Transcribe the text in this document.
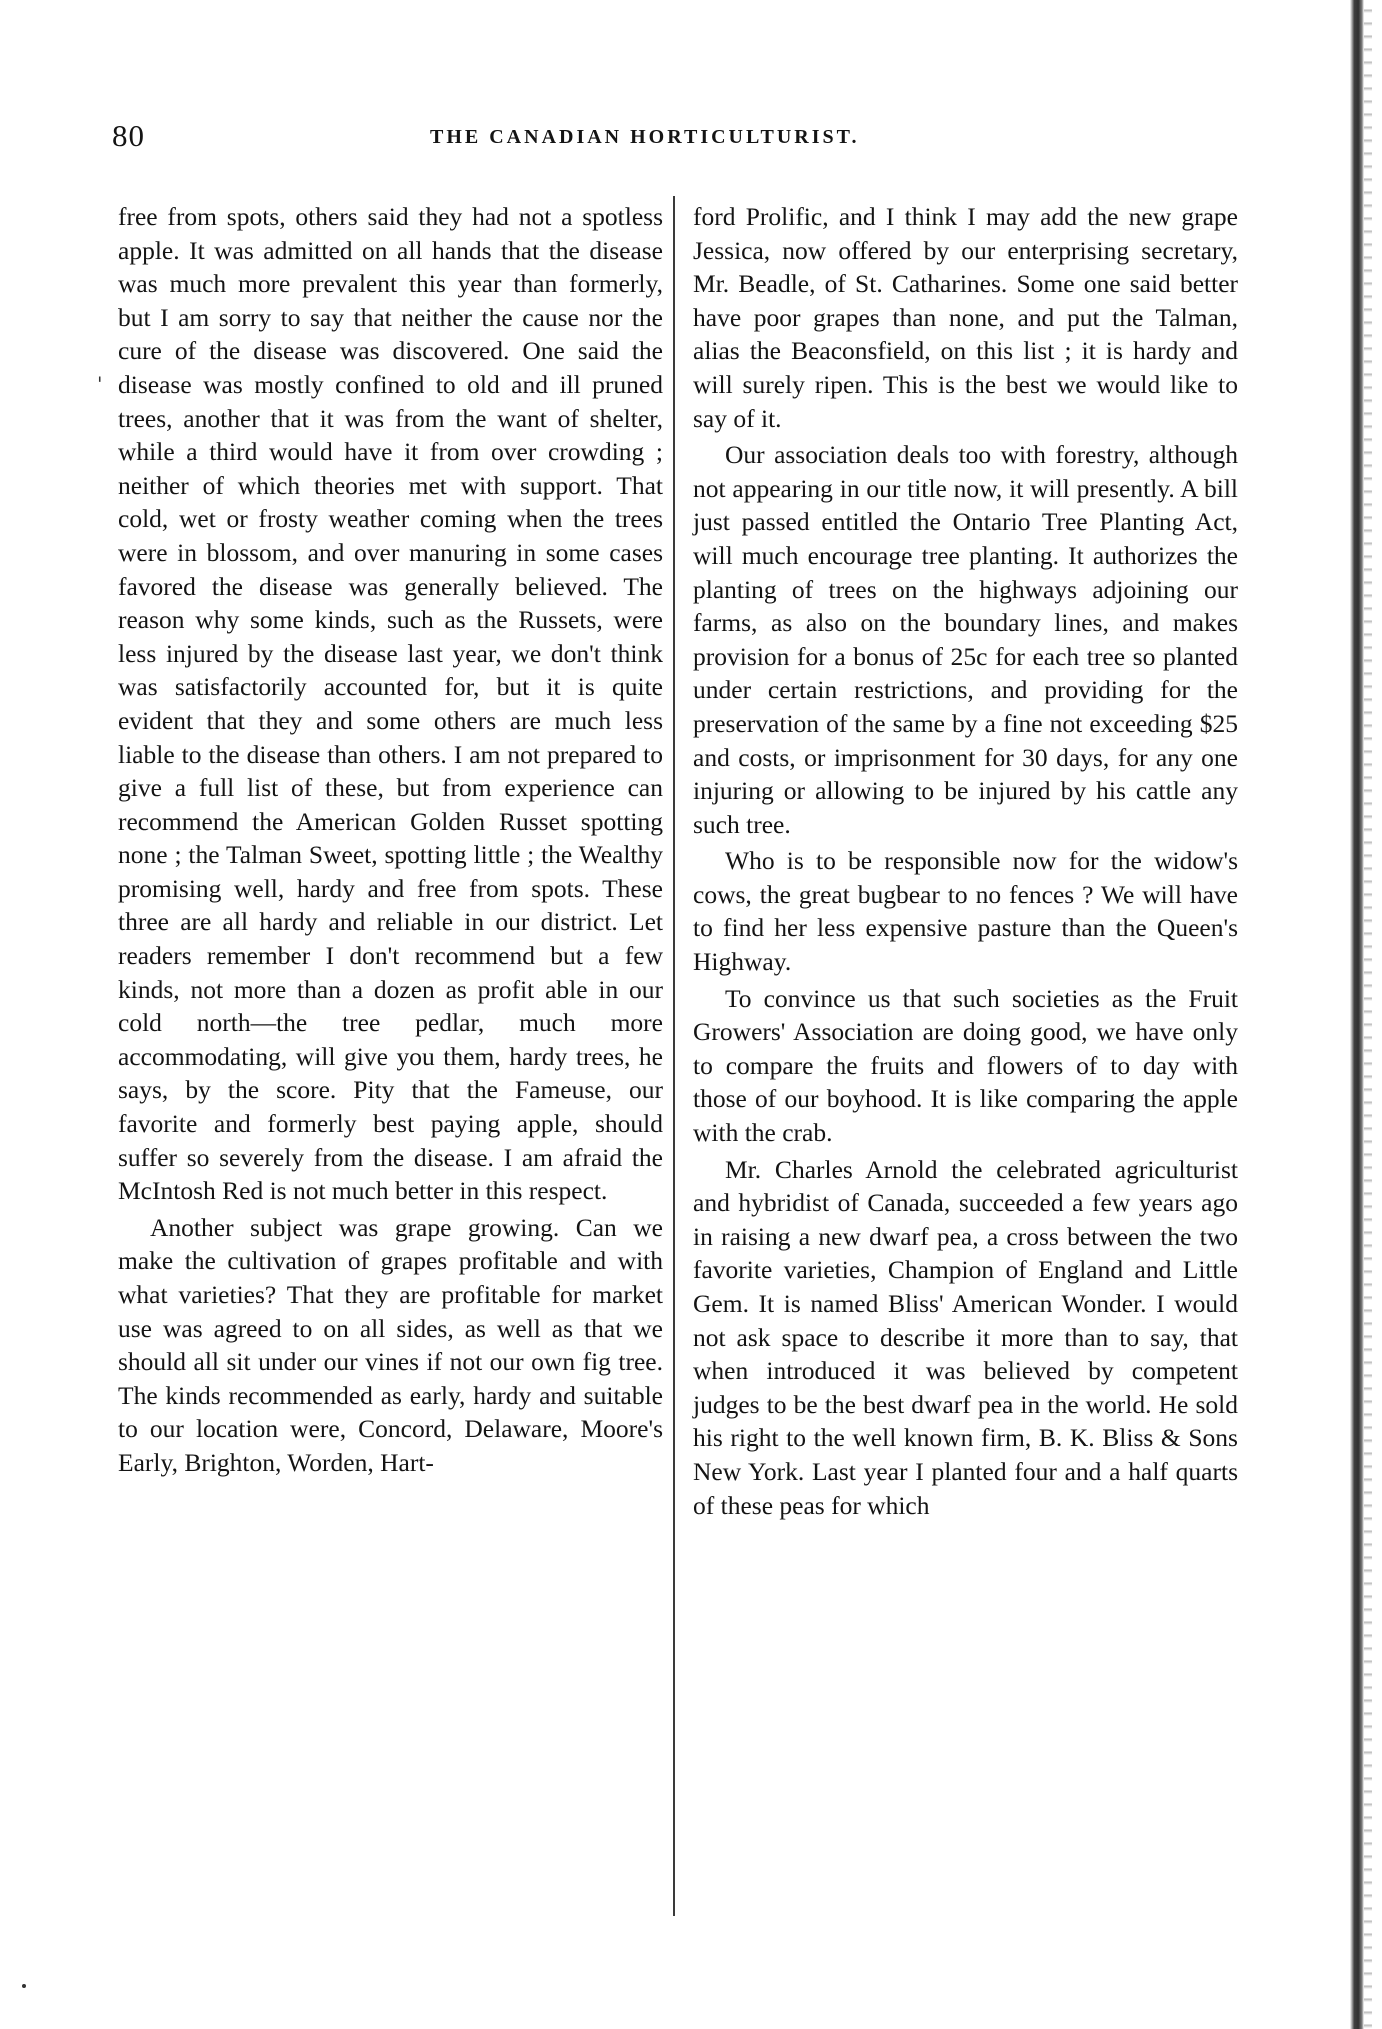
80	THE CANADIAN HORTICULTURIST.
'

free from spots, others said they had not a spotless apple. It was admitted on all hands that the disease was much more prevalent this year than formerly, but I am sorry to say that neither the cause nor the cure of the disease was discovered. One said the disease was mostly confined to old and ill pruned trees, another that it was from the want of shelter, while a third would have it from over crowding ; neither of which theories met with support. That cold, wet or frosty weather coming when the trees were in blossom, and over manuring in some cases favored the disease was generally believed. The reason why some kinds, such as the Russets, were less injured by the disease last year, we don't think was satisfactorily accounted for, but it is quite evident that they and some others are much less liable to the disease than others. I am not prepared to give a full list of these, but from experience can recommend the American Golden Russet spotting none ; the Talman Sweet, spotting little ; the Wealthy promising well, hardy and free from spots. These three are all hardy and reliable in our district. Let readers remember I don't recommend but a few kinds, not more than a dozen as profit able in our cold north—the tree pedlar, much more accommodating, will give you them, hardy trees, he says, by the score. Pity that the Fameuse, our favorite and formerly best paying apple, should suffer so severely from the disease. I am afraid the McIntosh Red is not much better in this respect.

Another subject was grape growing. Can we make the cultivation of grapes profitable and with what varieties? That they are profitable for market use was agreed to on all sides, as well as that we should all sit under our vines if not our own fig tree. The kinds recommended as early, hardy and suitable to our location were, Concord, Delaware, Moore's Early, Brighton, Worden, Hart-

ford Prolific, and I think I may add the new grape Jessica, now offered by our enterprising secretary, Mr. Beadle, of St. Catharines. Some one said better have poor grapes than none, and put the Talman, alias the Beaconsfield, on this list ; it is hardy and will surely ripen. This is the best we would like to say of it.

Our association deals too with forestry, although not appearing in our title now, it will presently. A bill just passed entitled the Ontario Tree Planting Act, will much encourage tree planting. It authorizes the planting of trees on the highways adjoining our farms, as also on the boundary lines, and makes provision for a bonus of 25c for each tree so planted under certain restrictions, and providing for the preservation of the same by a fine not exceeding $25 and costs, or imprisonment for 30 days, for any one injuring or allowing to be injured by his cattle any such tree.

Who is to be responsible now for the widow's cows, the great bugbear to no fences ? We will have to find her less expensive pasture than the Queen's Highway.

To convince us that such societies as the Fruit Growers' Association are doing good, we have only to compare the fruits and flowers of to day with those of our boyhood. It is like comparing the apple with the crab.

Mr. Charles Arnold the celebrated agriculturist and hybridist of Canada, succeeded a few years ago in raising a new dwarf pea, a cross between the two favorite varieties, Champion of England and Little Gem. It is named Bliss' American Wonder. I would not ask space to describe it more than to say, that when introduced it was believed by competent judges to be the best dwarf pea in the world. He sold his right to the well known firm, B. K. Bliss & Sons New York. Last year I planted four and a half quarts of these peas for which
